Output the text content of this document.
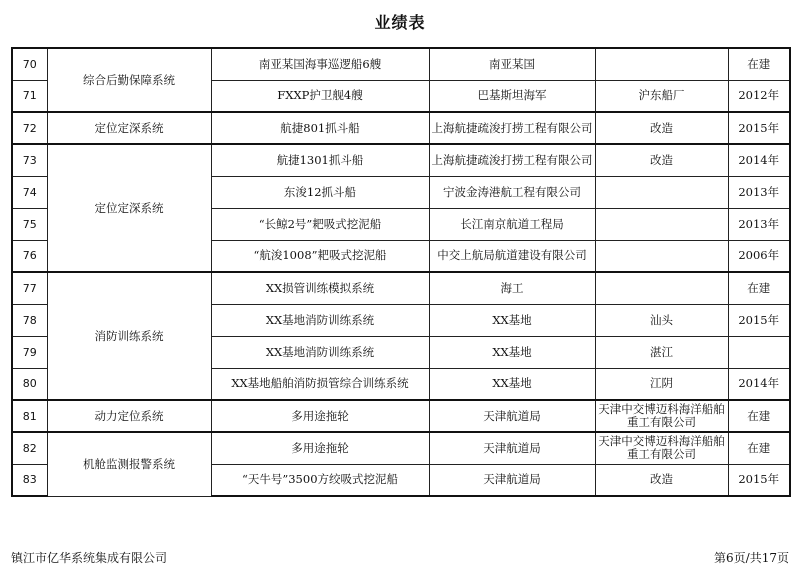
业绩表
70	综合后勤保障系统	南亚某国海事巡逻船6艘	南亚某国		在建
71		FXXP护卫舰4艘	巴基斯坦海军	沪东船厂	2012年
72	定位定深系统	航捷801抓斗船	上海航捷疏浚打捞工程有限公司	改造	2015年
73	定位定深系统	航捷1301抓斗船	上海航捷疏浚打捞工程有限公司	改造	2014年
74		东浚12抓斗船	宁波金涛港航工程有限公司		2013年
75		“长鲸2号”耙吸式挖泥船	长江南京航道工程局		2013年
76		“航浚1008”耙吸式挖泥船	中交上航局航道建设有限公司		2006年
77	消防训练系统	XX损管训练模拟系统	海工		在建
78		XX基地消防训练系统	XX基地	汕头	2015年
79		XX基地消防训练系统	XX基地	湛江	
80		XX基地船舶消防损管综合训练系统	XX基地	江阴	2014年
81	动力定位系统	多用途拖轮	天津航道局	天津中交博迈科海洋船舶重工有限公司	在建
82	机舱监测报警系统	多用途拖轮	天津航道局	天津中交博迈科海洋船舶重工有限公司	在建
83		“天牛号”3500方绞吸式挖泥船	天津航道局	改造	2015年
镇江市亿华系统集成有限公司	第6页/共17页
